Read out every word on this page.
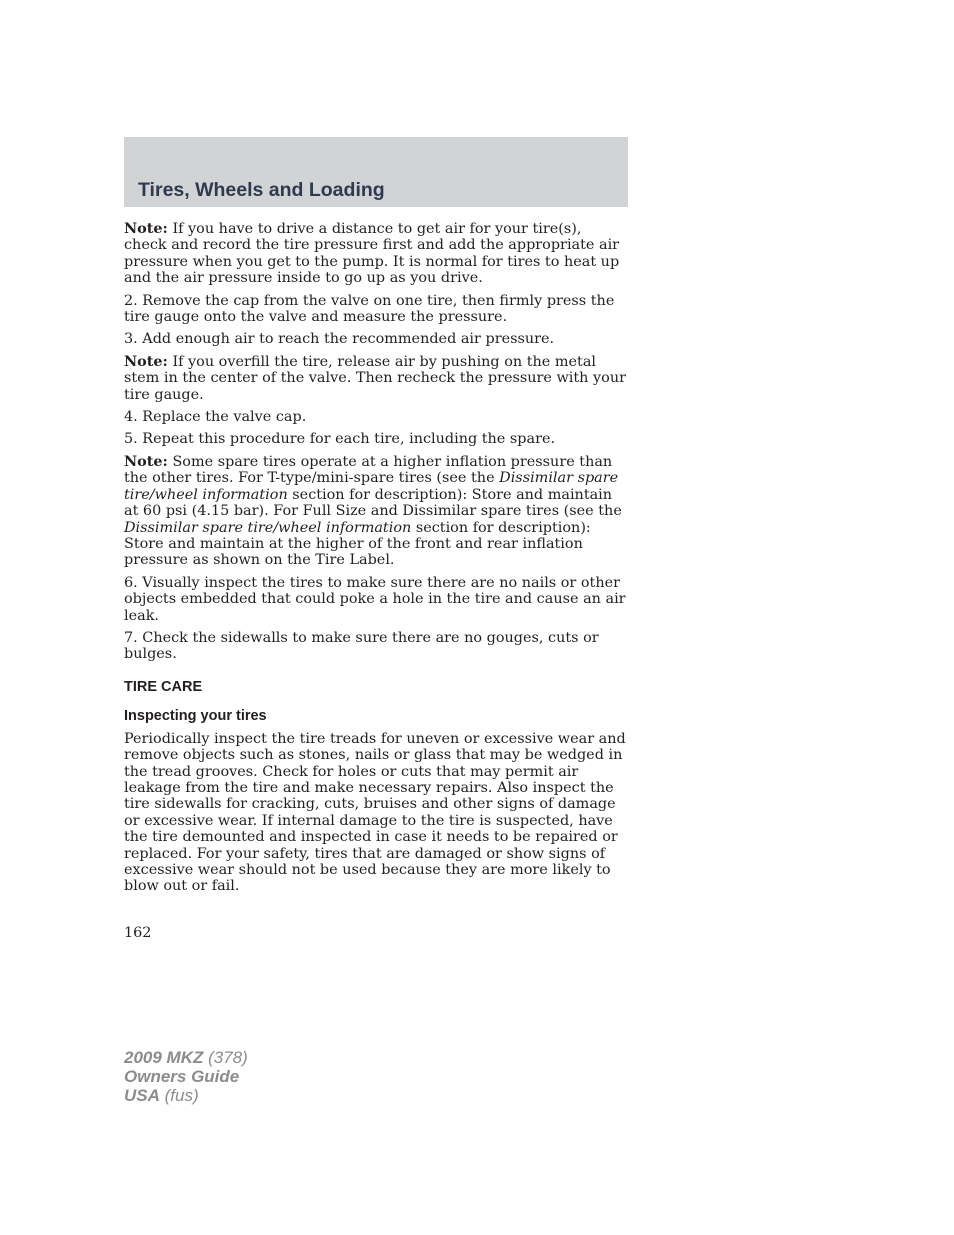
Tires, Wheels and Loading

Note: If you have to drive a distance to get air for your tire(s), check and record the tire pressure first and add the appropriate air pressure when you get to the pump. It is normal for tires to heat up and the air pressure inside to go up as you drive.

2. Remove the cap from the valve on one tire, then firmly press the tire gauge onto the valve and measure the pressure.

3. Add enough air to reach the recommended air pressure.

Note: If you overfill the tire, release air by pushing on the metal stem in the center of the valve. Then recheck the pressure with your tire gauge.

4. Replace the valve cap.

5. Repeat this procedure for each tire, including the spare.

Note: Some spare tires operate at a higher inflation pressure than the other tires. For T-type/mini-spare tires (see the Dissimilar spare tire/wheel information section for description): Store and maintain at 60 psi (4.15 bar). For Full Size and Dissimilar spare tires (see the Dissimilar spare tire/wheel information section for description): Store and maintain at the higher of the front and rear inflation pressure as shown on the Tire Label.

6. Visually inspect the tires to make sure there are no nails or other objects embedded that could poke a hole in the tire and cause an air leak.

7. Check the sidewalls to make sure there are no gouges, cuts or bulges.

TIRE CARE
Inspecting your tires

Periodically inspect the tire treads for uneven or excessive wear and remove objects such as stones, nails or glass that may be wedged in the tread grooves. Check for holes or cuts that may permit air leakage from the tire and make necessary repairs. Also inspect the tire sidewalls for cracking, cuts, bruises and other signs of damage or excessive wear. If internal damage to the tire is suspected, have the tire demounted and inspected in case it needs to be repaired or replaced. For your safety, tires that are damaged or show signs of excessive wear should not be used because they are more likely to blow out or fail.

162
2009 MKZ (378)
Owners Guide
USA (fus)
